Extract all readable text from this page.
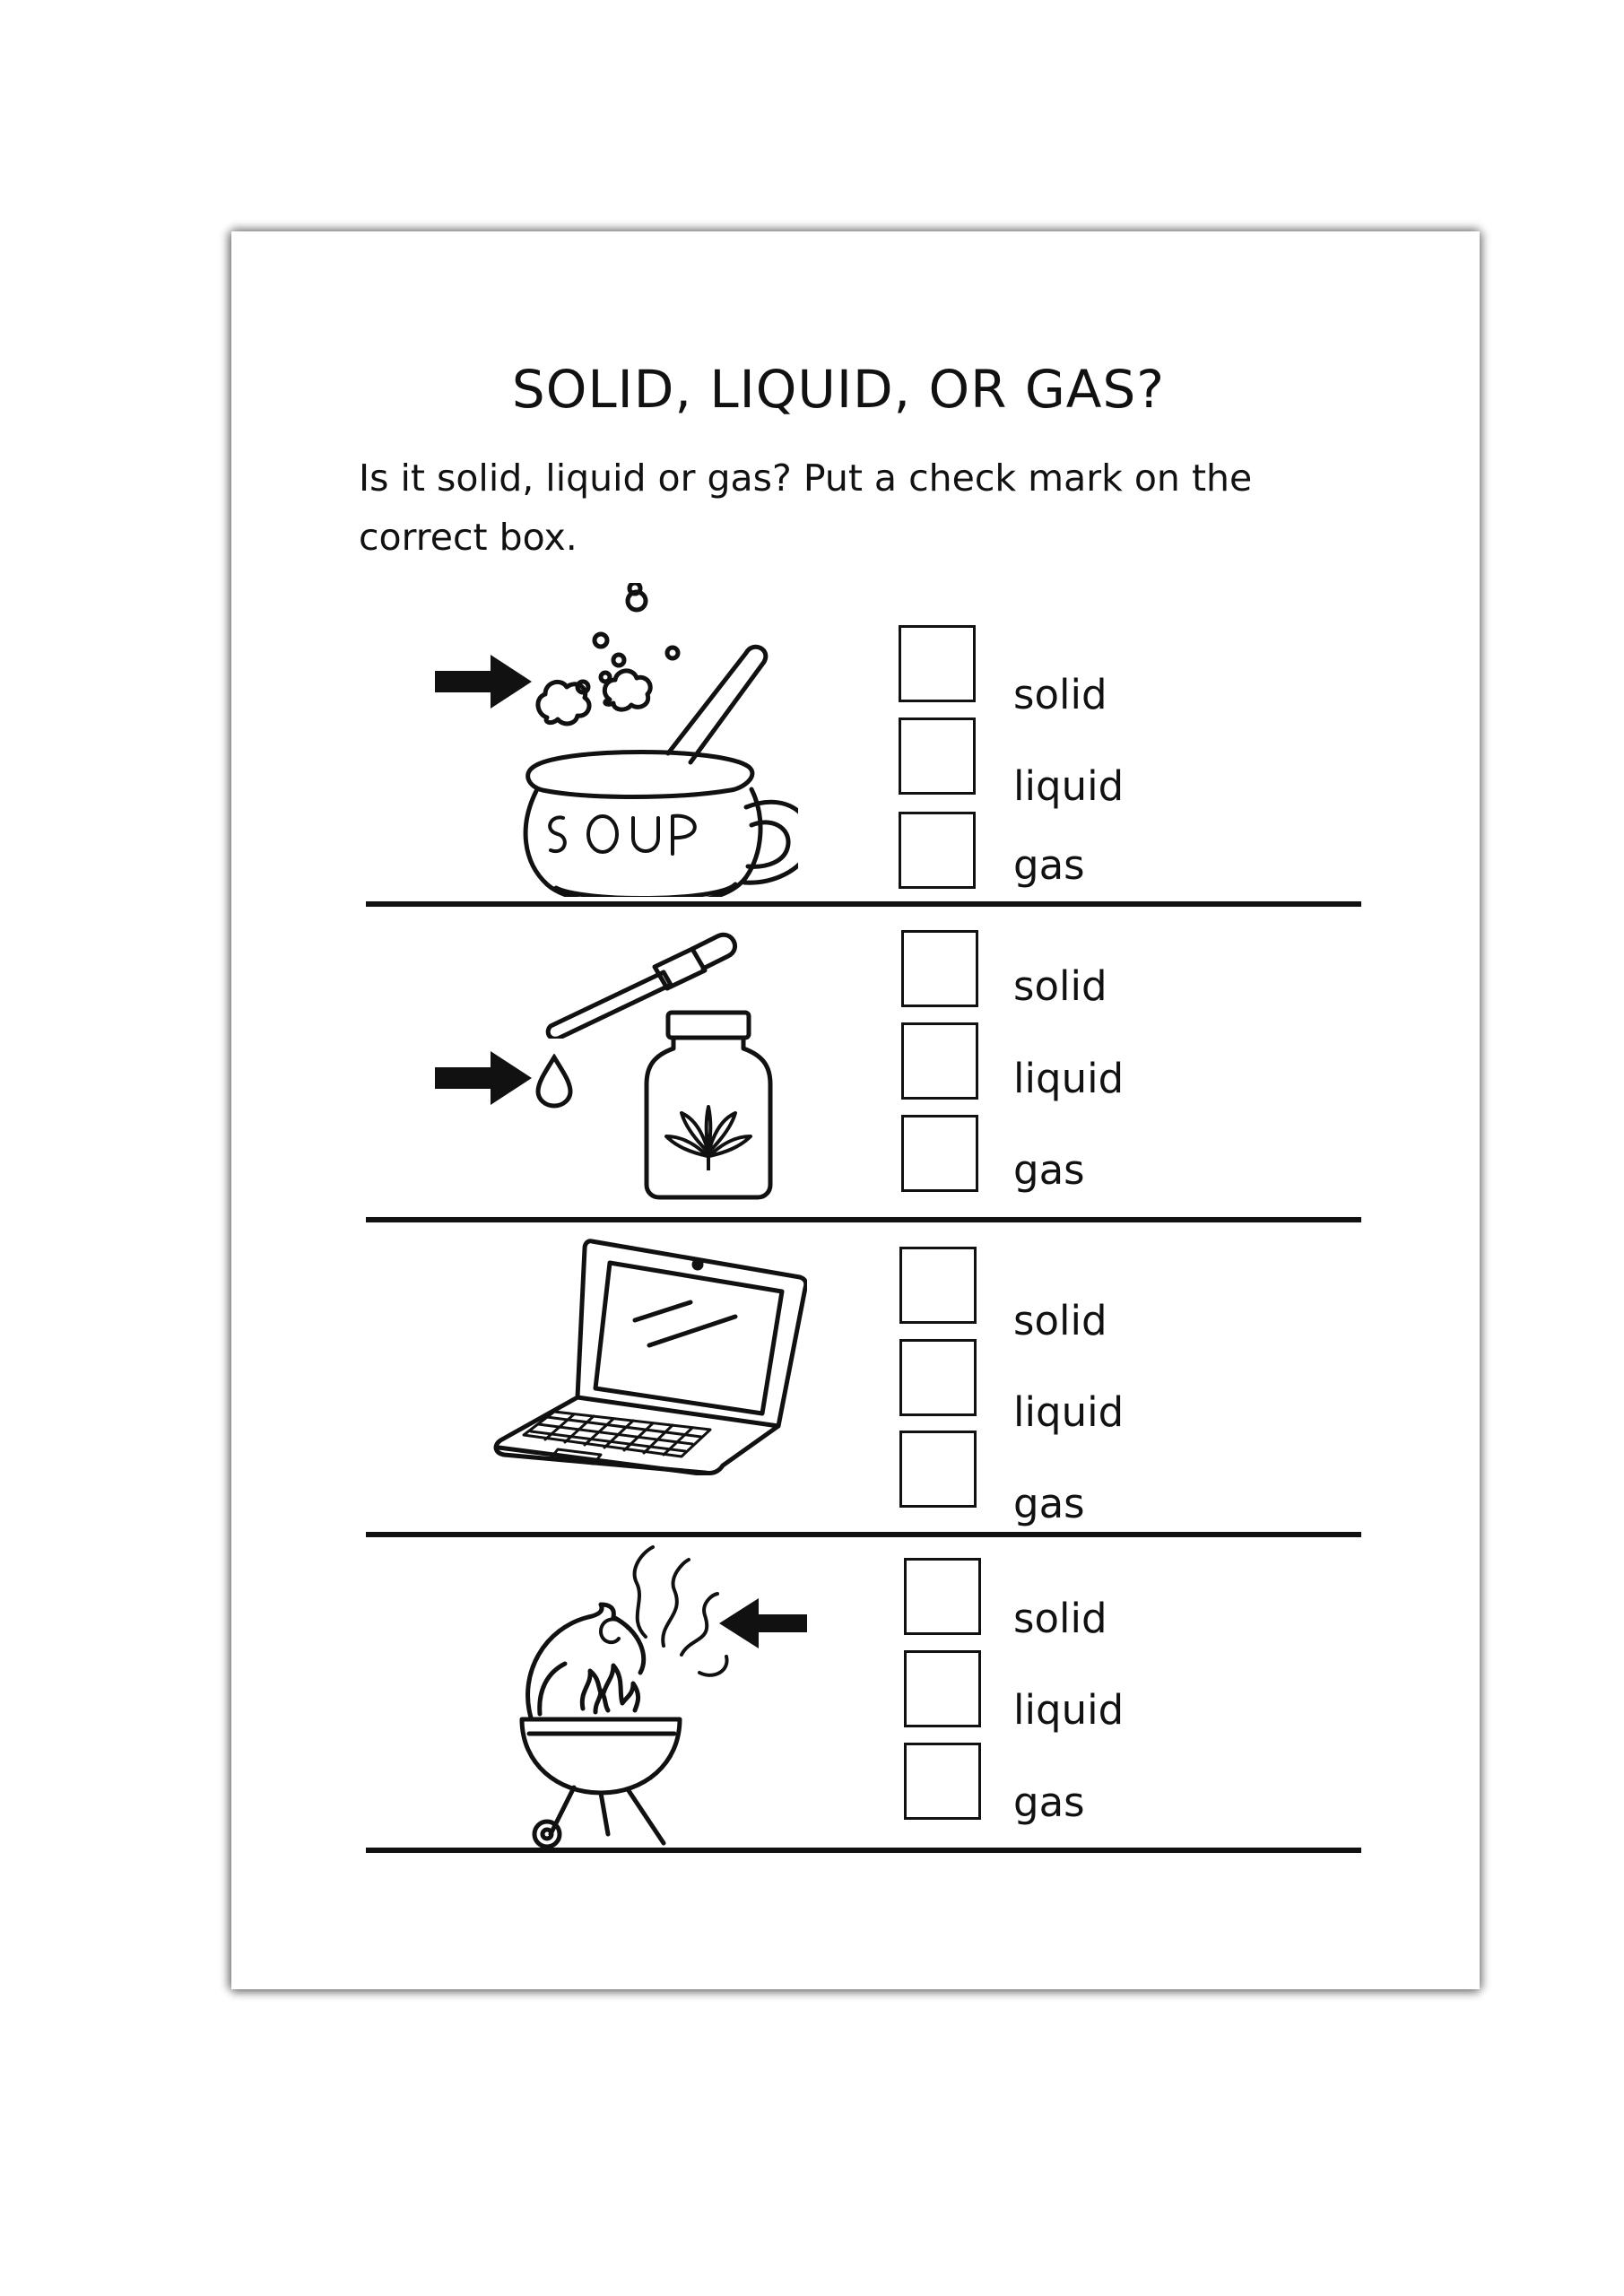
SOLID, LIQUID, OR GAS?

Is it solid, liquid or gas? Put a check mark on the correct box.

solid
liquid
gas
solid
liquid
gas
solid
liquid
gas
solid
liquid
gas
